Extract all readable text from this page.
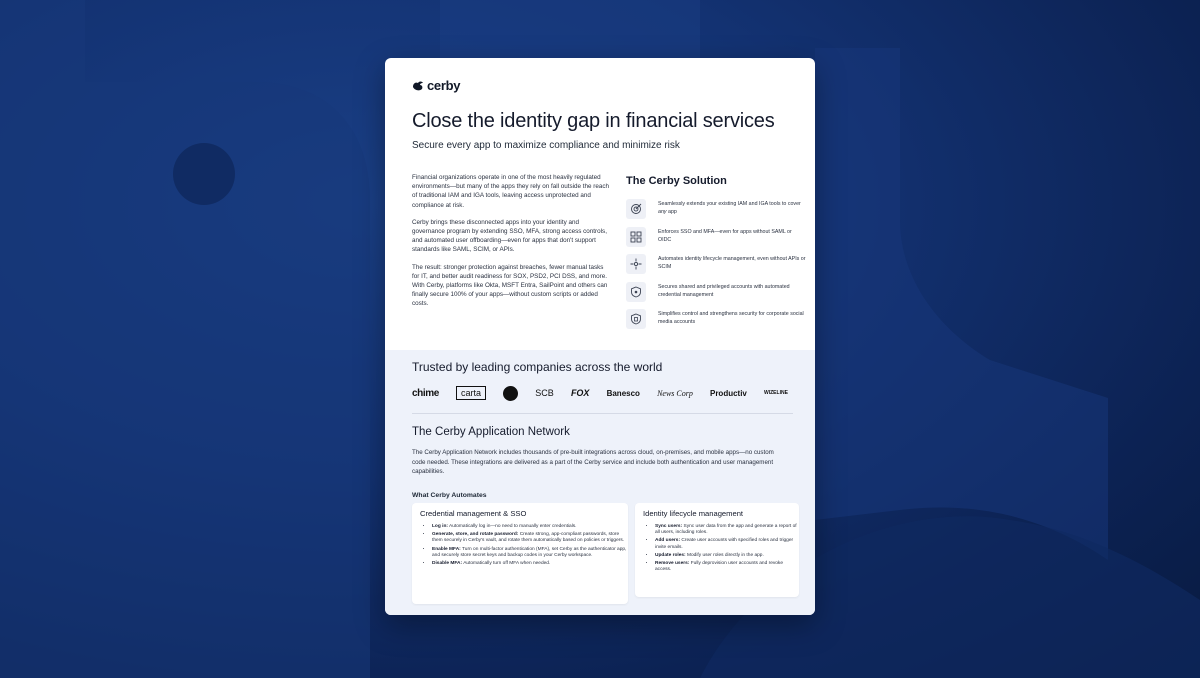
cerby
Close the identity gap in financial services
Secure every app to maximize compliance and minimize risk

Financial organizations operate in one of the most heavily regulated environments—but many of the apps they rely on fall outside the reach of traditional IAM and IGA tools, leaving access unprotected and compliance at risk.

Cerby brings these disconnected apps into your identity and governance program by extending SSO, MFA, strong access controls, and automated user offboarding—even for apps that don't support standards like SAML, SCIM, or APIs.

The result: stronger protection against breaches, fewer manual tasks for IT, and better audit readiness for SOX, PSD2, PCI DSS, and more. With Cerby, platforms like Okta, MSFT Entra, SailPoint and others can finally secure 100% of your apps—without custom scripts or added costs.

The Cerby Solution
Seamlessly extends your existing IAM and IGA tools to cover any app
Enforces SSO and MFA—even for apps without SAML or OIDC
Automates identity lifecycle management, even without APIs or SCIM
Secures shared and privileged accounts with automated credential management
Simplifies control and strengthens security for corporate social media accounts
Trusted by leading companies across the world
chime	carta	SCB FOX Banesco News Corp Productiv	WIZELINE
The Cerby Application Network
The Cerby Application Network includes thousands of pre-built integrations across cloud, on-premises, and mobile apps—no custom code needed. These integrations are delivered as a part of the Cerby service and include both authentication and user management capabilities.
What Cerby Automates
Credential management & SSO
• Log in: Automatically log in—no need to manually enter credentials.
• Generate, store, and rotate password: Create strong, app-compliant passwords, store them securely in Cerby's vault, and rotate them automatically based on policies or triggers.
• Enable MFA: Turn on multi-factor authentication (MFA), set Cerby as the authenticator app, and securely store secret keys and backup codes in your Cerby workspace.
• Disable MFA: Automatically turn off MFA when needed.
Identity lifecycle management
• Sync users: Sync user data from the app and generate a report of all users, including roles.
• Add users: Create user accounts with specified roles and trigger invite emails.
• Update roles: Modify user roles directly in the app.
• Remove users: Fully deprovision user accounts and revoke access.
